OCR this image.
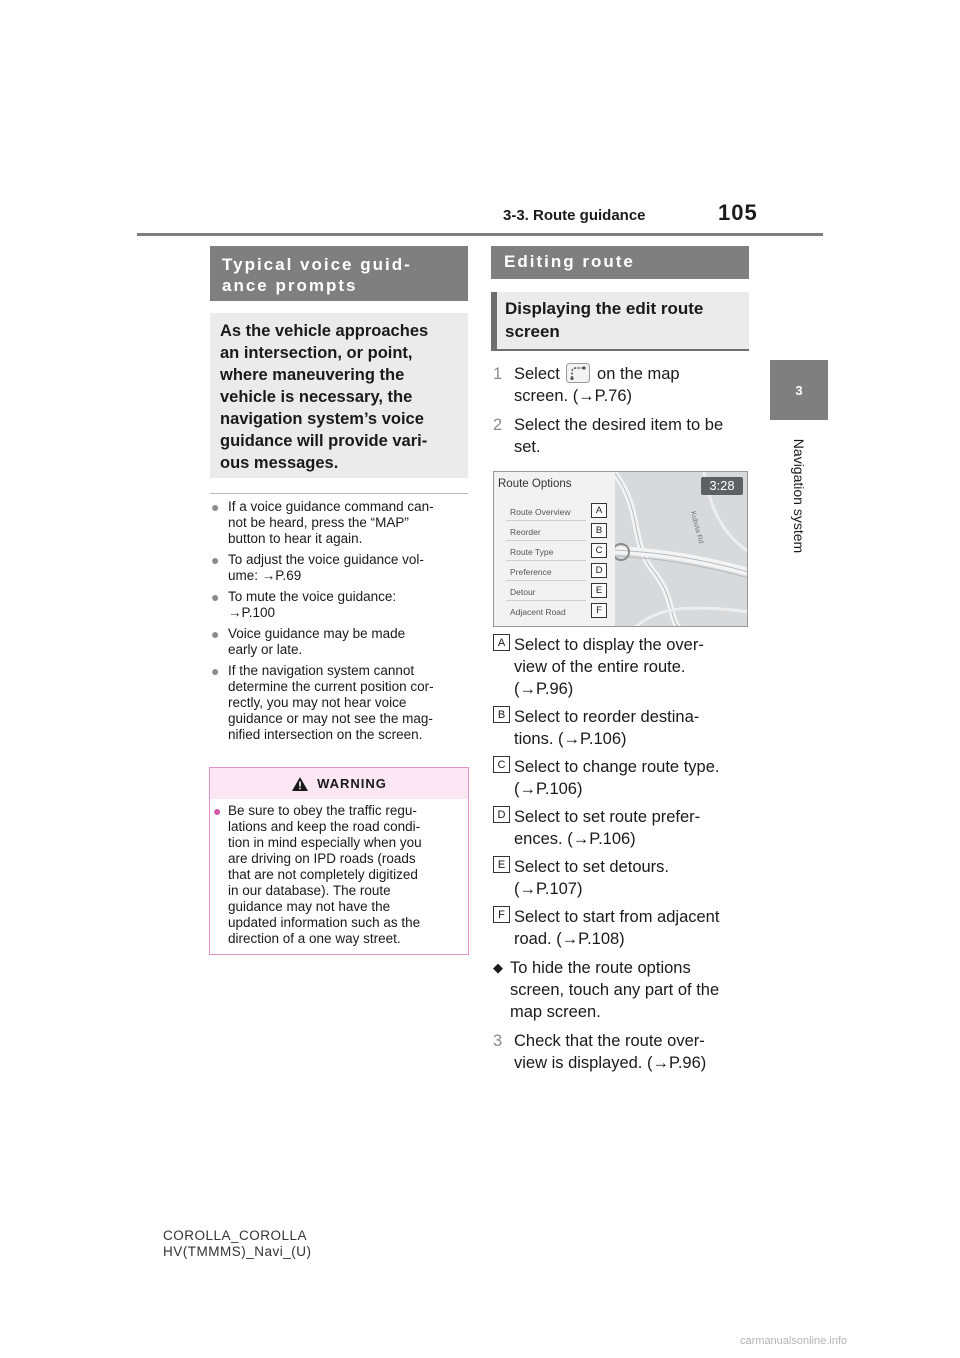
3-3. Route guidance	105
3
Navigation system
Typical voice guid-
ance prompts
As the vehicle approaches
an intersection, or point,
where maneuvering the
vehicle is necessary, the
navigation system’s voice
guidance will provide vari-
ous messages.
● If a voice guidance command can-
not be heard, press the “MAP”
button to hear it again.
● To adjust the voice guidance vol-
ume: →P.69
● To mute the voice guidance:
→P.100
● Voice guidance may be made
early or late.
● If the navigation system cannot
determine the current position cor-
rectly, you may not hear voice
guidance or may not see the mag-
nified intersection on the screen.
WARNING
● Be sure to obey the traffic regu-
lations and keep the road condi-
tion in mind especially when you
are driving on IPD roads (roads
that are not completely digitized
in our database). The route
guidance may not have the
updated information such as the
direction of a one way street.
Editing route
Displaying the edit route
screen
1 Select on the map
screen. (→P.76)
2 Select the desired item to be
set.
3:28
Kubota Rd
Route Options
Route Overview	A
Reorder	B
Route Type	C
Preference	D
Detour	E
Adjacent Road	F
A Select to display the over-
view of the entire route.
(→P.96)
B Select to reorder destina-
tions. (→P.106)
C Select to change route type.
(→P.106)
D Select to set route prefer-
ences. (→P.106)
E Select to set detours.
(→P.107)
F Select to start from adjacent
road. (→P.108)
◆ To hide the route options
screen, touch any part of the
map screen.
3 Check that the route over-
view is displayed. (→P.96)
COROLLA_COROLLA
HV(TMMMS)_Navi_(U)
carmanualsonline.info
